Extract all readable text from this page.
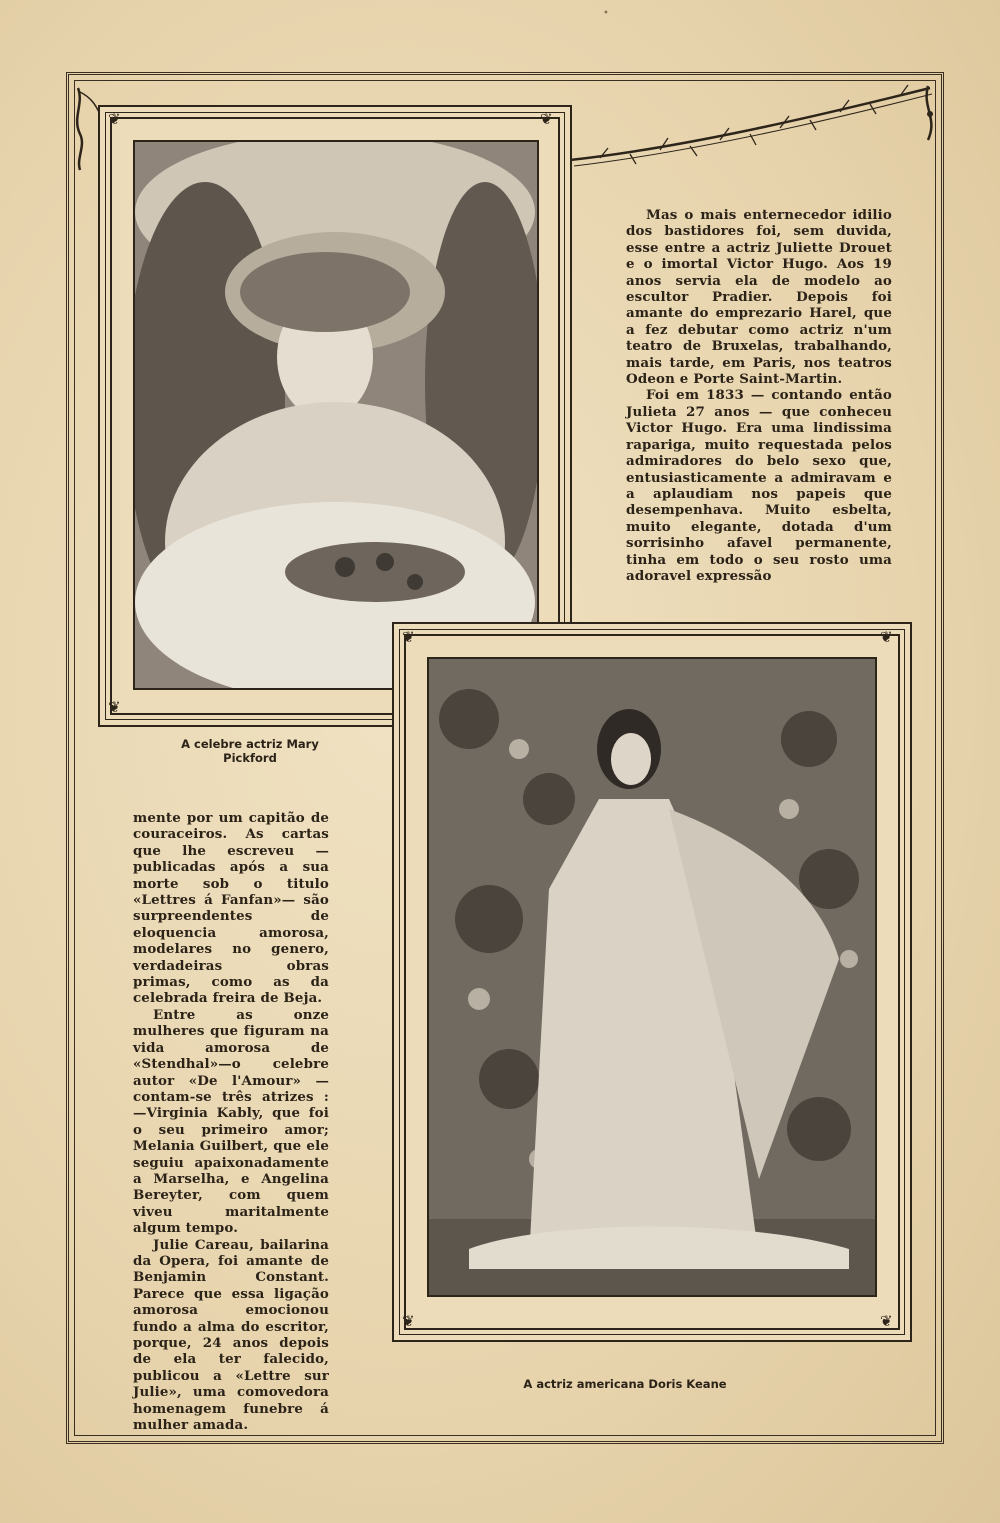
•
❦	❦
❦
A celebre actriz Mary
Pickford

Mas o mais enternecedor idilio dos bastidores foi, sem duvida, esse entre a actriz Juliette Drouet e o imortal Victor Hugo. Aos 19 anos servia ela de modelo ao escultor Pradier. Depois foi amante do emprezario Harel, que a fez debutar como actriz n'um teatro de Bruxelas, trabalhando, mais tarde, em Paris, nos teatros Odeon e Porte Saint-Martin.

Foi em 1833 — contando então Julieta 27 anos — que conheceu Victor Hugo. Era uma lindissima rapariga, muito requestada pelos admiradores do belo sexo que, entusiasticamente a admiravam e a aplaudiam nos papeis que desempenhava. Muito esbelta, muito elegante, dotada d'um sorrisinho afavel permanente, tinha em todo o seu rosto uma adoravel expressão

❦	❦
❦	❦
A actriz americana Doris Keane

mente por um capitão de couraceiros. As cartas que lhe escreveu —publicadas após a sua morte sob o titulo «Lettres á Fanfan»— são surpreendentes de eloquencia amorosa, modelares no genero, verdadeiras obras primas, como as da celebrada freira de Beja.

Entre as onze mulheres que figuram na vida amorosa de «Stendhal»—o celebre autor «De l'Amour» — contam-se três atrizes : —Virginia Kably, que foi o seu primeiro amor; Melania Guilbert, que ele seguiu apaixonadamente a Marselha, e Angelina Bereyter, com quem viveu maritalmente algum tempo.

Julie Careau, bailarina da Opera, foi amante de Benjamin Constant. Parece que essa ligação amorosa emocionou fundo a alma do escritor, porque, 24 anos depois de ela ter falecido, publicou a «Lettre sur Julie», uma comovedora homenagem funebre á mulher amada.
